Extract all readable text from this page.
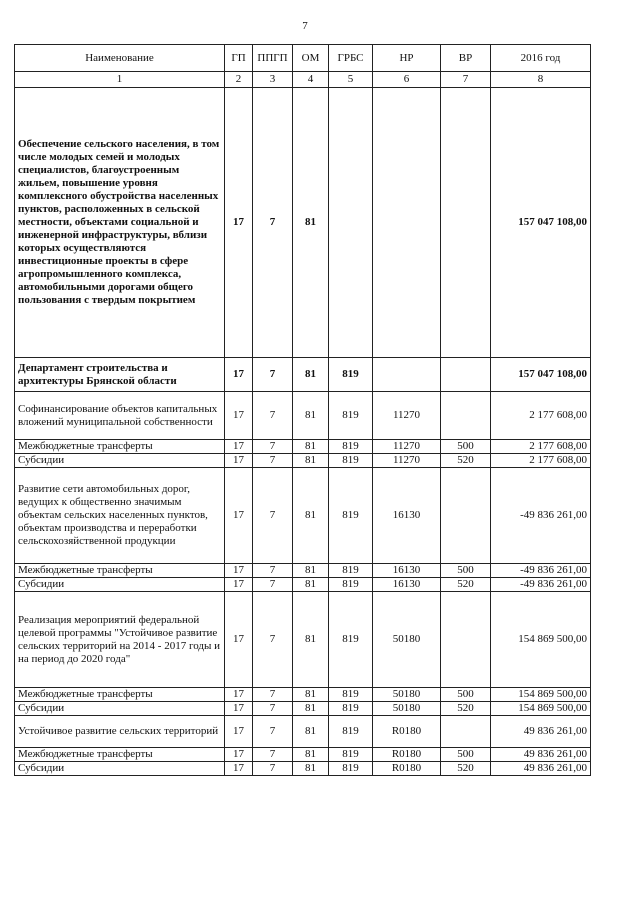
7
Наименование	ГП	ППГП	ОМ	ГРБС	НР	ВР	2016 год
1	2	3	4	5	6	7	8
Обеспечение сельского населения, в том числе молодых семей и молодых специалистов, благоустроенным жильем, повышение уровня комплексного обустройства населенных пунктов, расположенных в сельской местности, объектами социальной и инженерной инфраструктуры, вблизи которых осуществляются инвестиционные проекты в сфере агропромышленного комплекса, автомобильными дорогами общего пользования с твердым покрытием	17	7	81				157 047 108,00
Департамент строительства и архитектуры Брянской области	17	7	81	819			157 047 108,00
Софинансирование объектов капитальных вложений муниципальной собственности	17	7	81	819	11270		2 177 608,00
Межбюджетные трансферты	17	7	81	819	11270	500	2 177 608,00
Субсидии	17	7	81	819	11270	520	2 177 608,00
Развитие сети автомобильных дорог, ведущих к общественно значимым объектам сельских населенных пунктов, объектам производства и переработки сельскохозяйственной продукции	17	7	81	819	16130		-49 836 261,00
Межбюджетные трансферты	17	7	81	819	16130	500	-49 836 261,00
Субсидии	17	7	81	819	16130	520	-49 836 261,00
Реализация мероприятий федеральной целевой программы "Устойчивое развитие сельских территорий на 2014 - 2017 годы и на период до 2020 года"	17	7	81	819	50180		154 869 500,00
Межбюджетные трансферты	17	7	81	819	50180	500	154 869 500,00
Субсидии	17	7	81	819	50180	520	154 869 500,00
Устойчивое развитие сельских территорий	17	7	81	819	R0180		49 836 261,00
Межбюджетные трансферты	17	7	81	819	R0180	500	49 836 261,00
Субсидии	17	7	81	819	R0180	520	49 836 261,00
